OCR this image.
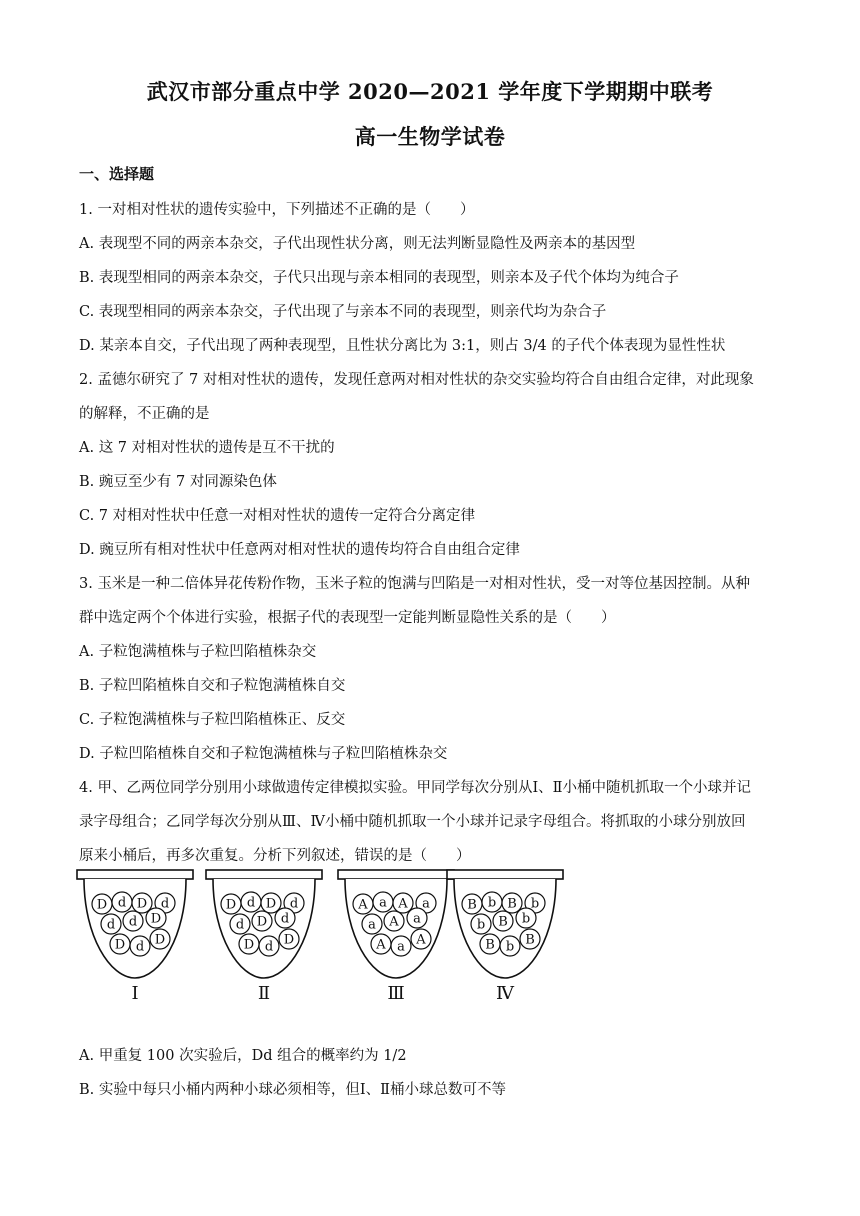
武汉市部分重点中学 2020—2021 学年度下学期期中联考
高一生物学试卷
一、选择题
1. 一对相对性状的遗传实验中，下列描述不正确的是（　　）
A. 表现型不同的两亲本杂交，子代出现性状分离，则无法判断显隐性及两亲本的基因型
B. 表现型相同的两亲本杂交，子代只出现与亲本相同的表现型，则亲本及子代个体均为纯合子
C. 表现型相同的两亲本杂交，子代出现了与亲本不同的表现型，则亲代均为杂合子
D. 某亲本自交，子代出现了两种表现型，且性状分离比为 3:1，则占 3/4 的子代个体表现为显性性状
2. 孟德尔研究了 7 对相对性状的遗传，发现任意两对相对性状的杂交实验均符合自由组合定律，对此现象
的解释，不正确的是
A. 这 7 对相对性状的遗传是互不干扰的
B. 豌豆至少有 7 对同源染色体
C. 7 对相对性状中任意一对相对性状的遗传一定符合分离定律
D. 豌豆所有相对性状中任意两对相对性状的遗传均符合自由组合定律
3. 玉米是一种二倍体异花传粉作物，玉米子粒的饱满与凹陷是一对相对性状，受一对等位基因控制。从种
群中选定两个个体进行实验，根据子代的表现型一定能判断显隐性关系的是（　　）
A. 子粒饱满植株与子粒凹陷植株杂交
B. 子粒凹陷植株自交和子粒饱满植株自交
C. 子粒饱满植株与子粒凹陷植株正、反交
D. 子粒凹陷植株自交和子粒饱满植株与子粒凹陷植株杂交
4. 甲、乙两位同学分别用小球做遗传定律模拟实验。甲同学每次分别从Ⅰ、Ⅱ小桶中随机抓取一个小球并记
录字母组合；乙同学每次分别从Ⅲ、Ⅳ小桶中随机抓取一个小球并记录字母组合。将抓取的小球分别放回
原来小桶后，再多次重复。分析下列叙述，错误的是（　　）
D d D d
d d D
D d D
Ⅰ
D d D d
d D d
D d D
Ⅱ
A a A a
a A a
A a A
Ⅲ
B b B b
b B b
B b B
Ⅳ
A. 甲重复 100 次实验后，Dd 组合的概率约为 1/2
B. 实验中每只小桶内两种小球必须相等，但Ⅰ、Ⅱ桶小球总数可不等
